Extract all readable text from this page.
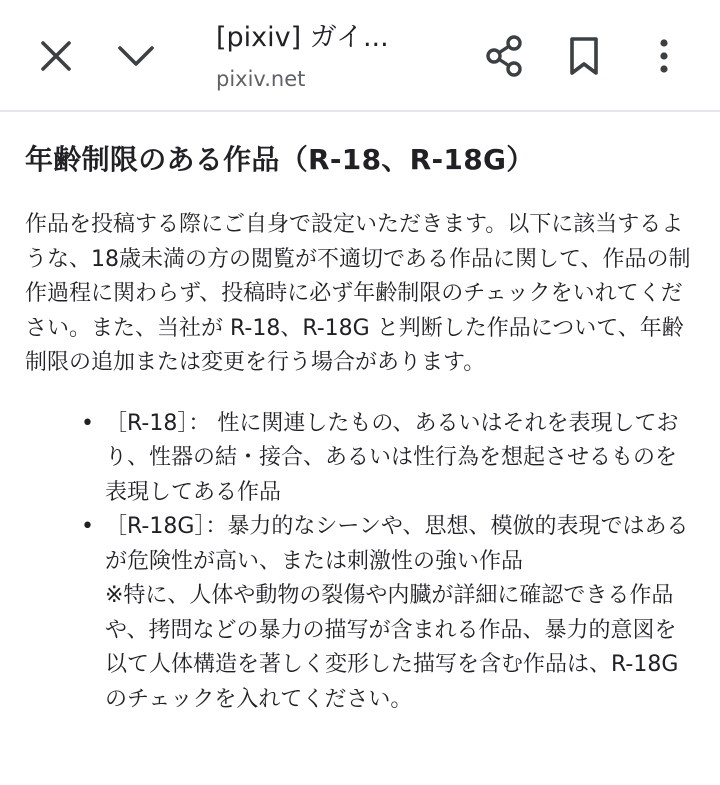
[pixiv] ガイ...
pixiv.net
年齢制限のある作品（R-18、R-18G）

作品を投稿する際にご自身で設定いただきます。以下に該当するような、18歳未満の方の閲覧が不適切である作品に関して、作品の制作過程に関わらず、投稿時に必ず年齢制限のチェックをいれてください。また、当社が R-18、R-18G と判断した作品について、年齢制限の追加または変更を行う場合があります。

• ［R-18］： 性に関連したもの、あるいはそれを表現しており、性器の結・接合、あるいは性行為を想起させるものを表現してある作品
• ［R-18G］：暴力的なシーンや、思想、模倣的表現ではあるが危険性が高い、または刺激性の強い作品
※特に、人体や動物の裂傷や内臓が詳細に確認できる作品や、拷問などの暴力の描写が含まれる作品、暴力的意図を以て人体構造を著しく変形した描写を含む作品は、R-18Gのチェックを入れてください。
